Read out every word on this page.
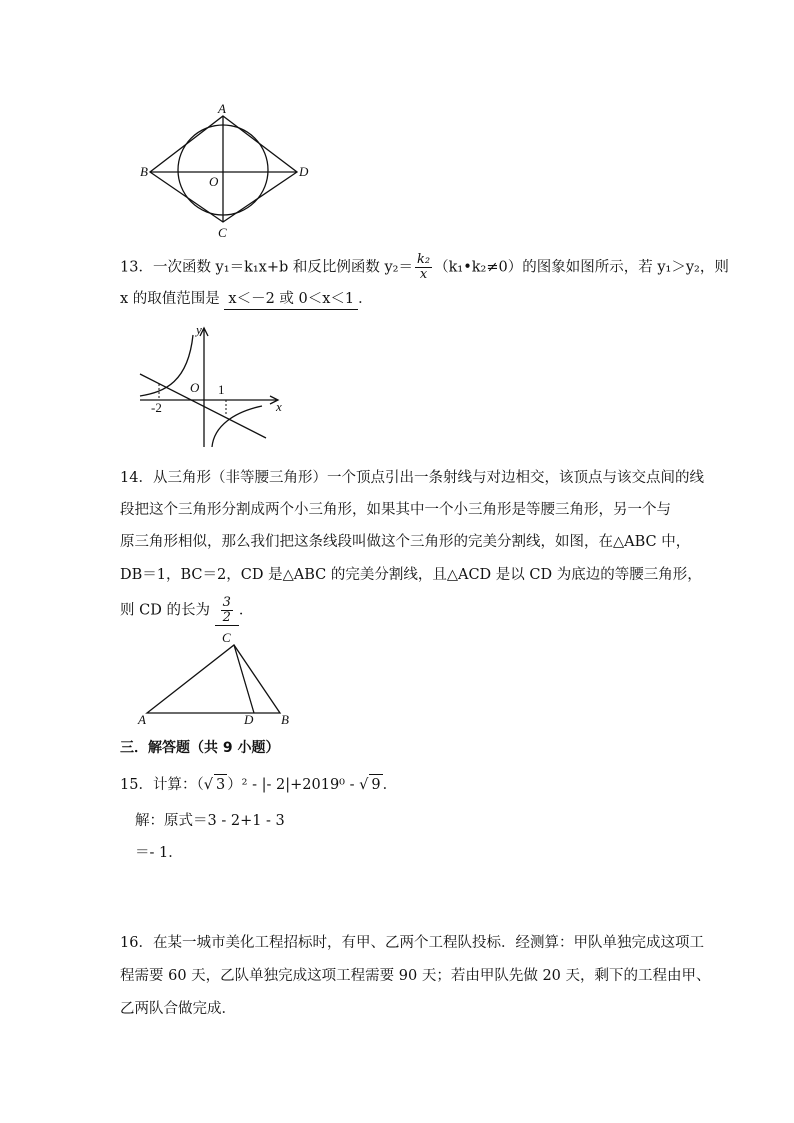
A
B	D
C
O
y
x
O
-2
1
C
A	D B
13．一次函数 y₁＝k₁x+b 和反比例函数 $y_2= \frac{\text{k₂}}{x}$ （k₁•k₂≠0）的图象如图所示，若 y₁＞y₂，则
x 的取值范围是 x＜－2 或 0＜x＜1 ．
14．从三角形（非等腰三角形）一个顶点引出一条射线与对边相交，该顶点与该交点间的线
段把这个三角形分割成两个小三角形，如果其中一个小三角形是等腰三角形，另一个与
原三角形相似，那么我们把这条线段叫做这个三角形的完美分割线，如图，在△ABC 中，
DB＝1，BC＝2，CD 是△ABC 的完美分割线，且△ACD 是以 CD 为底边的等腰三角形，
则 CD 的长为 $\frac{3}{2}$ ．
三．解答题（共 9 小题）
15．计算：（√ 3 ）² - |- 2|+2019⁰ - √ 9 ．
解：原式＝3 - 2+1 - 3
＝- 1．
16．在某一城市美化工程招标时，有甲、乙两个工程队投标．经测算：甲队单独完成这项工
程需要 60 天，乙队单独完成这项工程需要 90 天；若由甲队先做 20 天，剩下的工程由甲、
乙两队合做完成．
